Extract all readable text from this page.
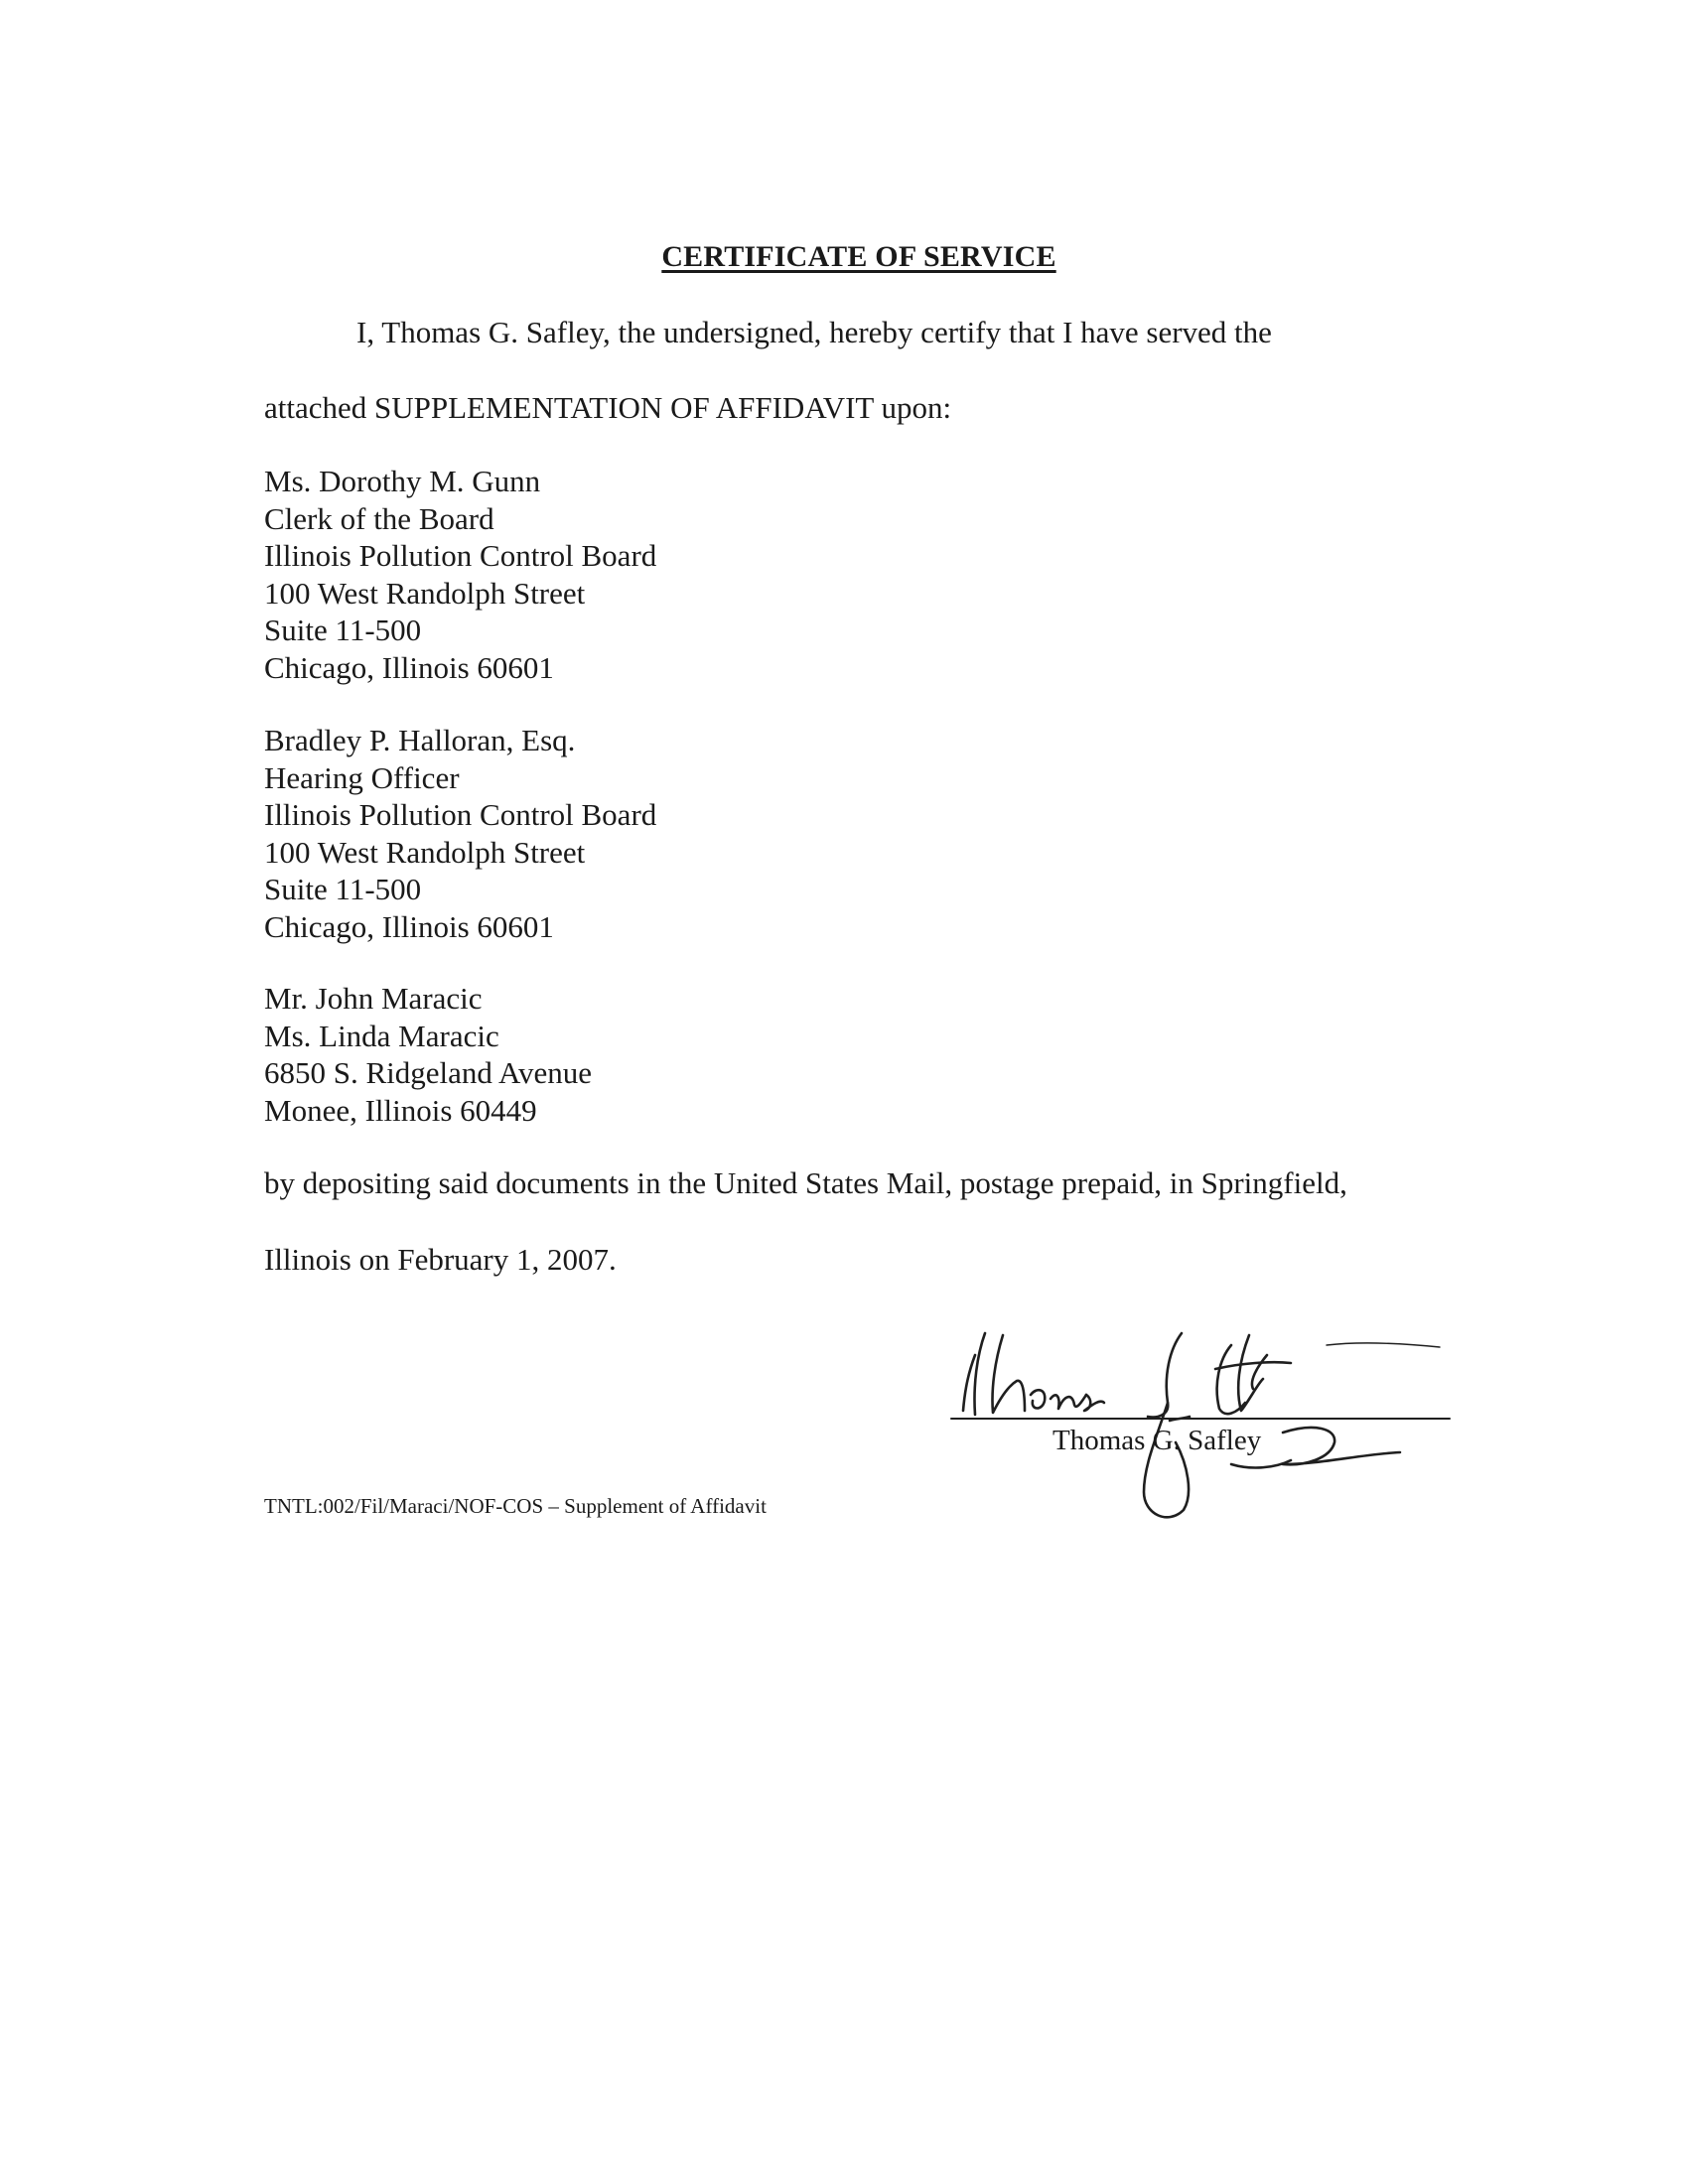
CERTIFICATE OF SERVICE
I, Thomas G. Safley, the undersigned, hereby certify that I have served the
attached SUPPLEMENTATION OF AFFIDAVIT upon:
Ms. Dorothy M. Gunn
Clerk of the Board
Illinois Pollution Control Board
100 West Randolph Street
Suite 11-500
Chicago, Illinois 60601
Bradley P. Halloran, Esq.
Hearing Officer
Illinois Pollution Control Board
100 West Randolph Street
Suite 11-500
Chicago, Illinois 60601
Mr. John Maracic
Ms. Linda Maracic
6850 S. Ridgeland Avenue
Monee, Illinois 60449
by depositing said documents in the United States Mail, postage prepaid, in Springfield,
Illinois on February 1, 2007.
Thomas G. Safley
TNTL:002/Fil/Maraci/NOF-COS – Supplement of Affidavit
